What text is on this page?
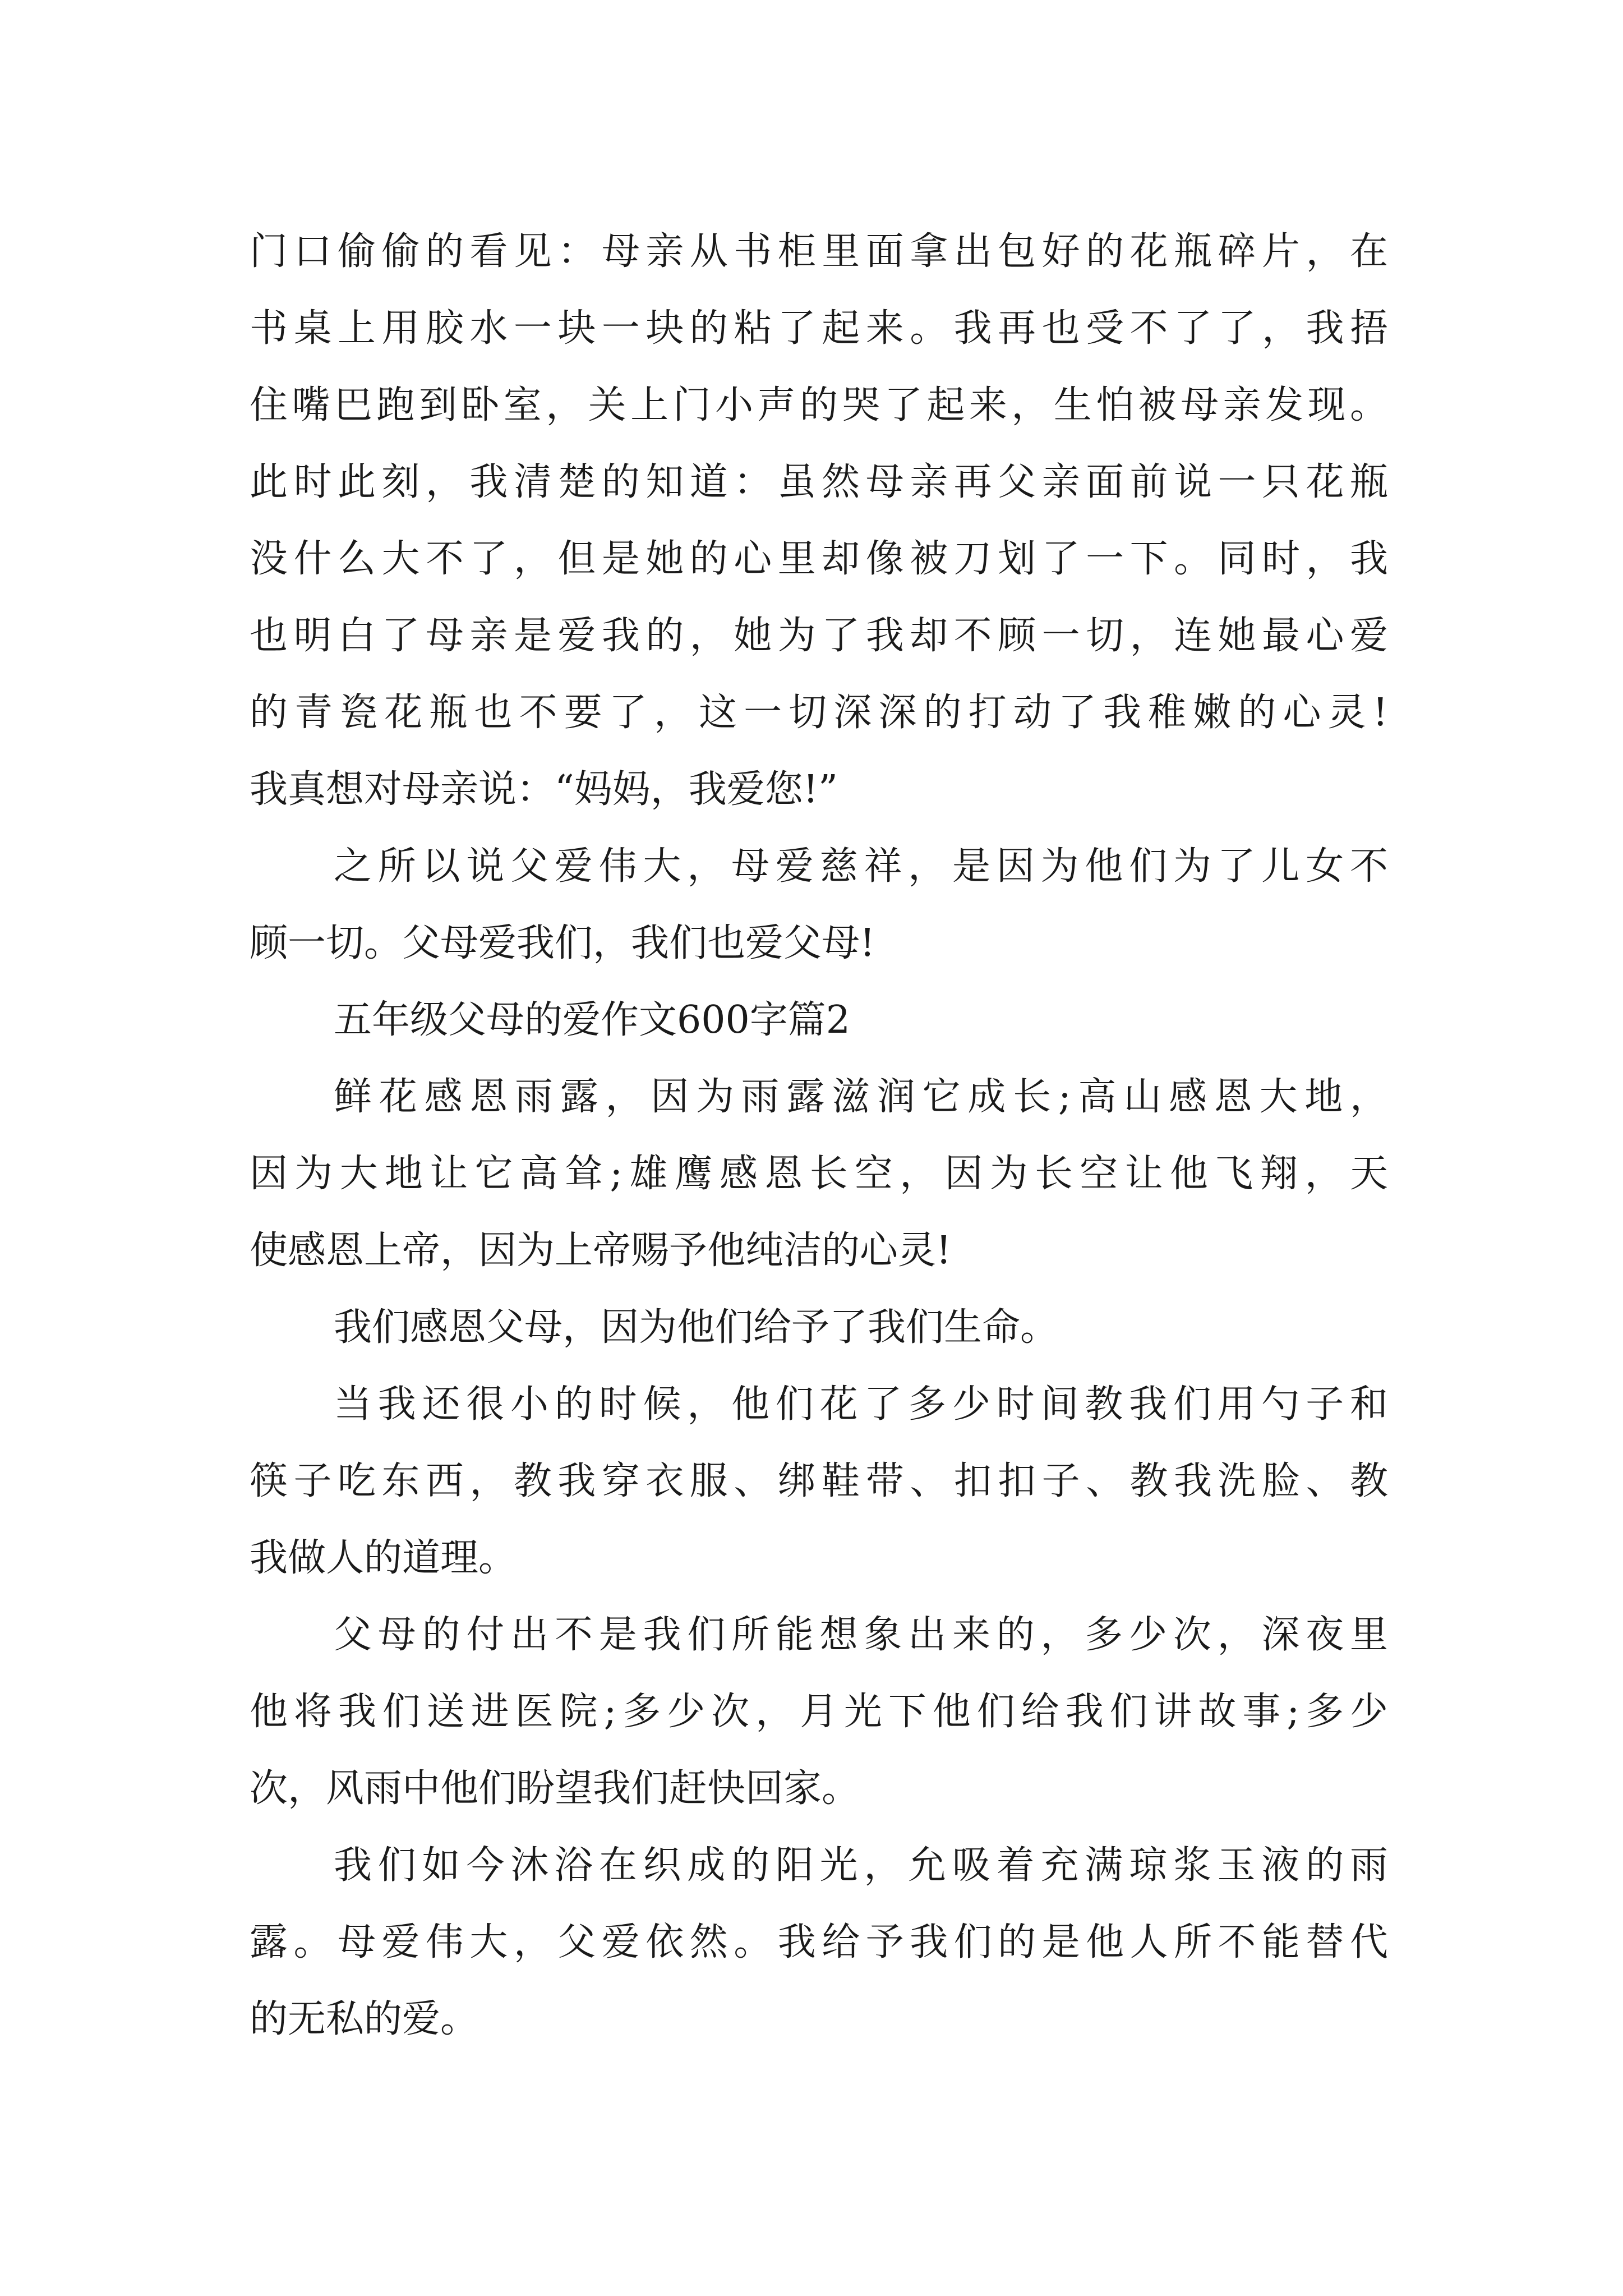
门口偷偷的看见：母亲从书柜里面拿出包好的花瓶碎片，在
书桌上用胶水一块一块的粘了起来。我再也受不了了，我捂
住嘴巴跑到卧室，关上门小声的哭了起来，生怕被母亲发现。
此时此刻，我清楚的知道：虽然母亲再父亲面前说一只花瓶
没什么大不了，但是她的心里却像被刀划了一下。同时，我
也明白了母亲是爱我的，她为了我却不顾一切，连她最心爱
的青瓷花瓶也不要了，这一切深深的打动了我稚嫩的心灵!
我真想对母亲说：“妈妈，我爱您!”
之所以说父爱伟大，母爱慈祥，是因为他们为了儿女不
顾一切。父母爱我们，我们也爱父母!
五年级父母的爱作文600字篇2
鲜花感恩雨露，因为雨露滋润它成长;高山感恩大地，
因为大地让它高耸;雄鹰感恩长空，因为长空让他飞翔，天
使感恩上帝，因为上帝赐予他纯洁的心灵!
我们感恩父母，因为他们给予了我们生命。
当我还很小的时候，他们花了多少时间教我们用勺子和
筷子吃东西，教我穿衣服、绑鞋带、扣扣子、教我洗脸、教
我做人的道理。
父母的付出不是我们所能想象出来的，多少次，深夜里
他将我们送进医院;多少次，月光下他们给我们讲故事;多少
次，风雨中他们盼望我们赶快回家。
我们如今沐浴在织成的阳光，允吸着充满琼浆玉液的雨
露。母爱伟大，父爱依然。我给予我们的是他人所不能替代
的无私的爱。
